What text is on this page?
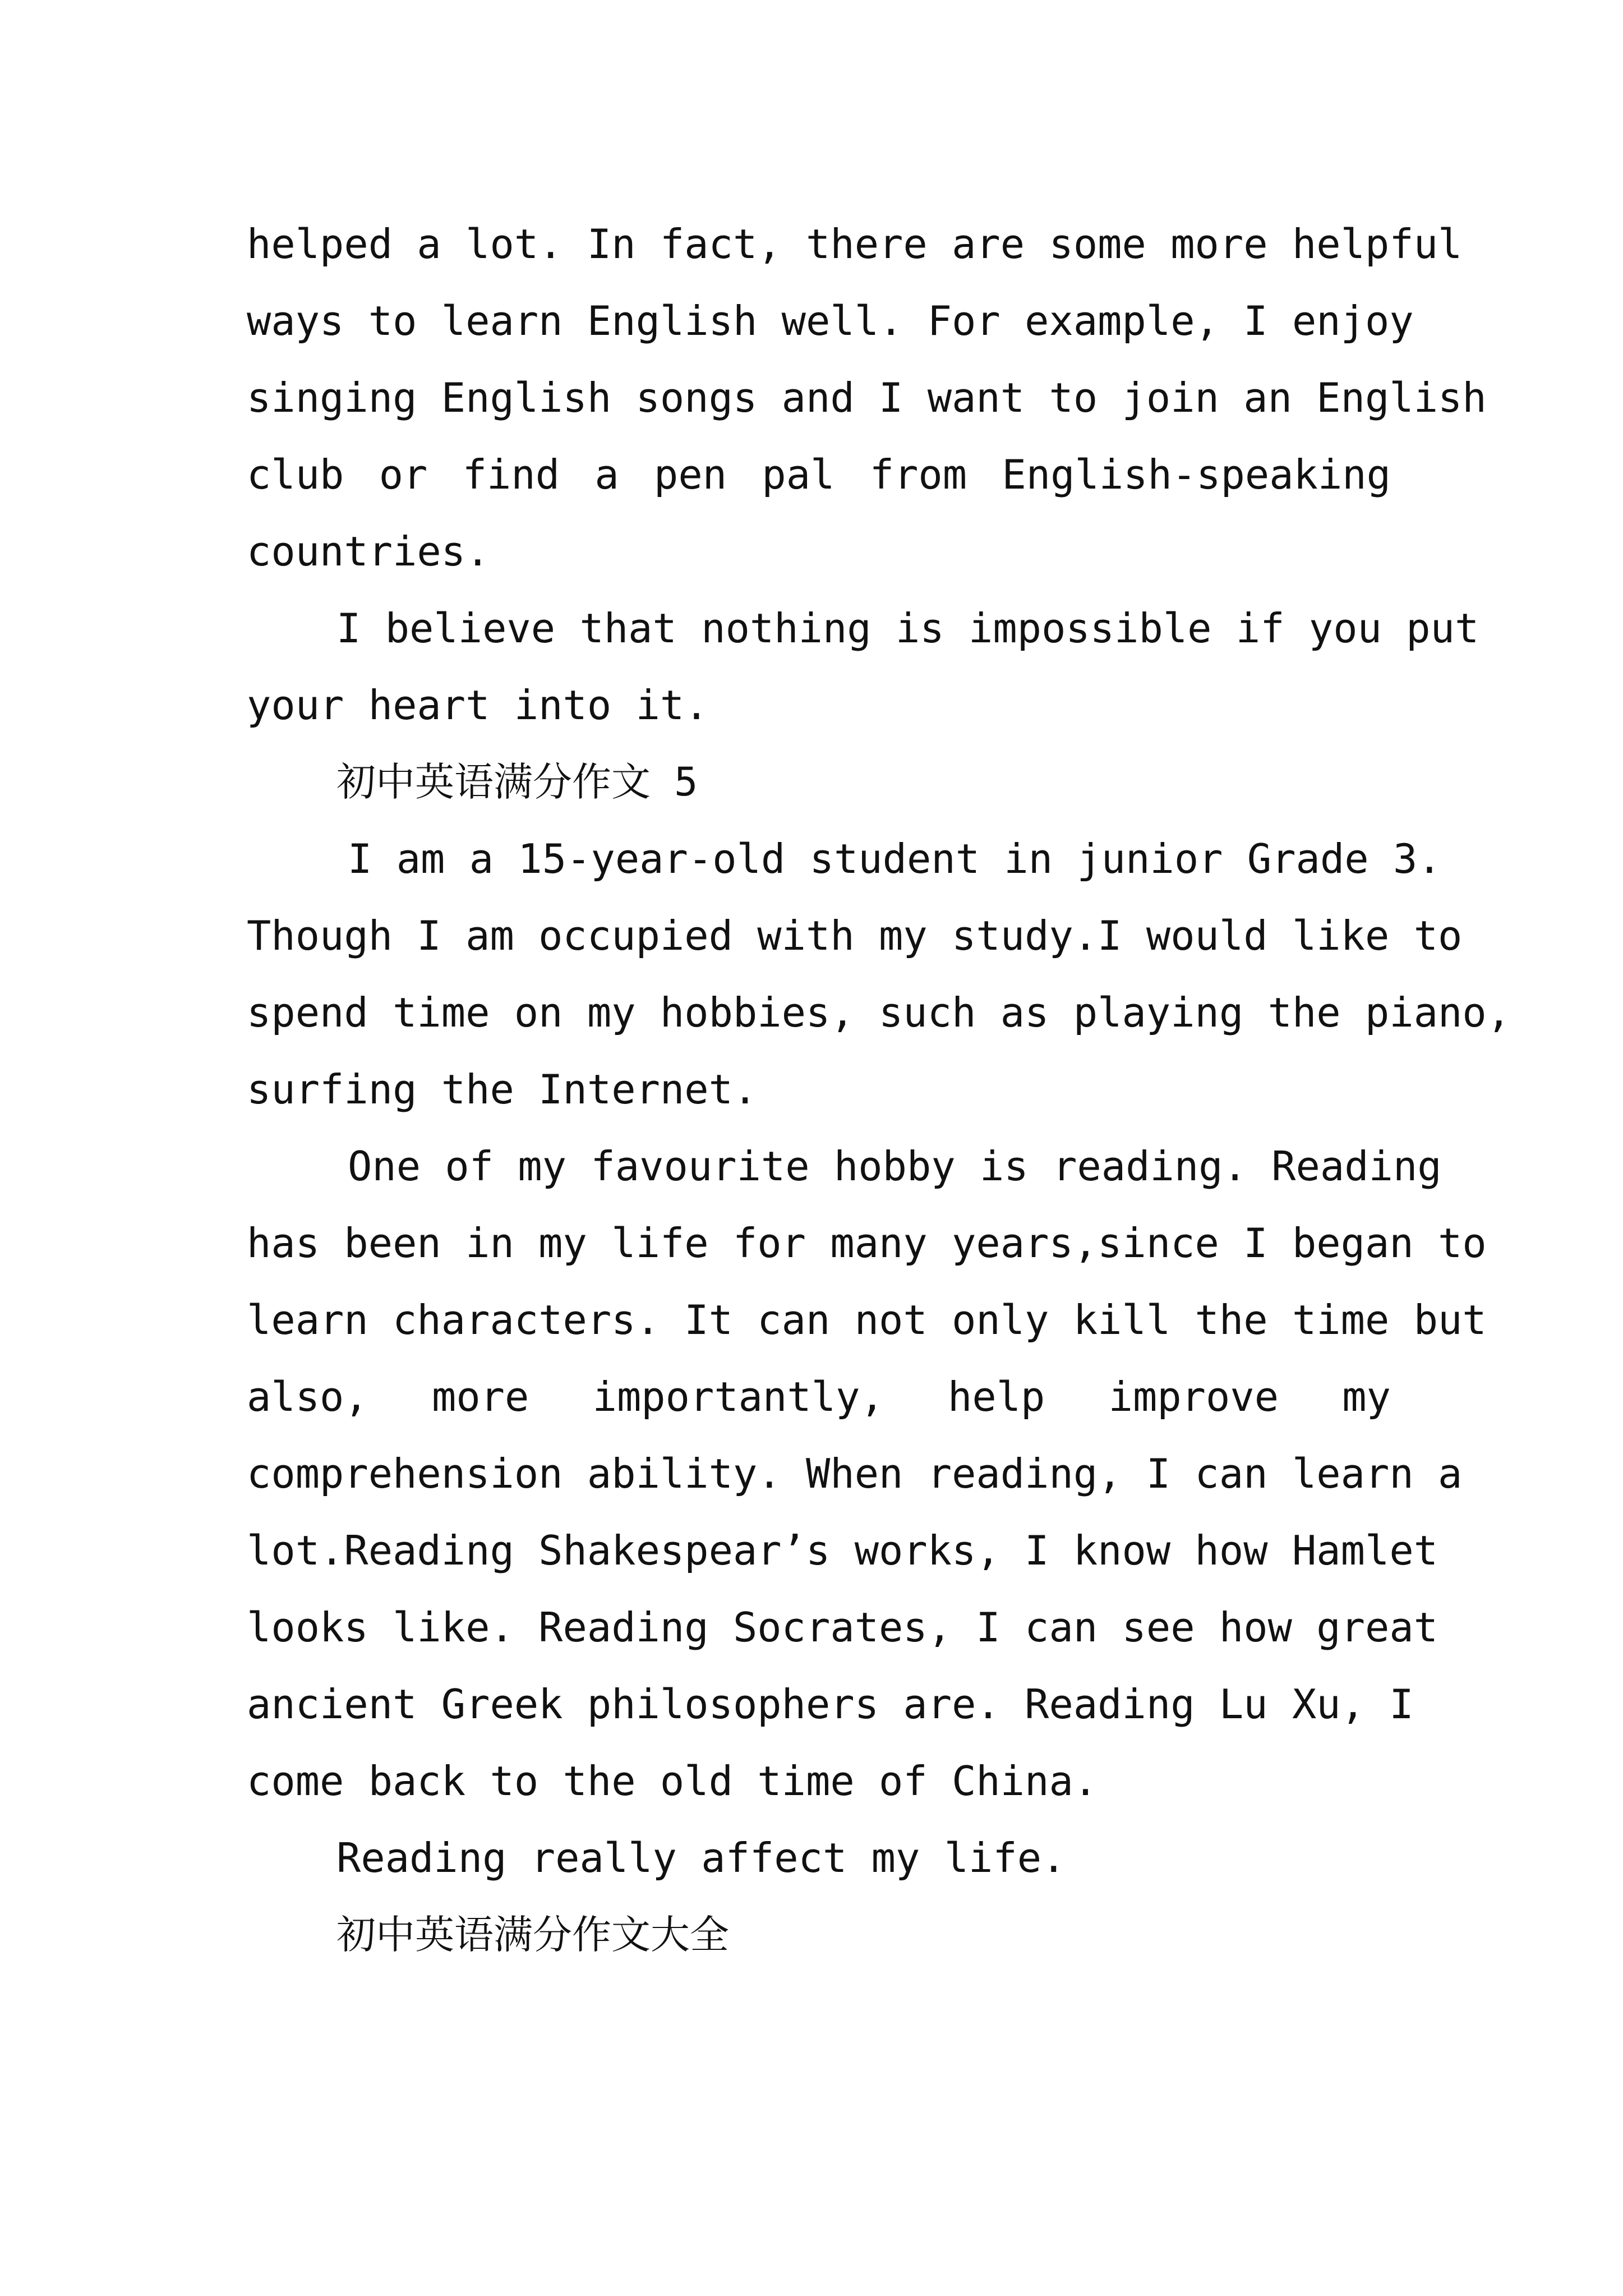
helped a lot. In fact, there are some more helpful
ways to learn English well. For example, I enjoy
singing English songs and I want to join an English
club or find a pen pal from English-speaking
countries.
I believe that nothing is impossible if you put
your heart into it.
初中英语满分作文 5
I am a 15-year-old student in junior Grade 3.
Though I am occupied with my study.I would like to
spend time on my hobbies, such as playing the piano,
surfing the Internet.
One of my favourite hobby is reading. Reading
has been in my life for many years,since I began to
learn characters. It can not only kill the time but
also, more importantly, help improve my
comprehension ability. When reading, I can learn a
lot.Reading Shakespear’s works, I know how Hamlet
looks like. Reading Socrates, I can see how great
ancient Greek philosophers are. Reading Lu Xu, I
come back to the old time of China.
Reading really affect my life.
初中英语满分作文大全
